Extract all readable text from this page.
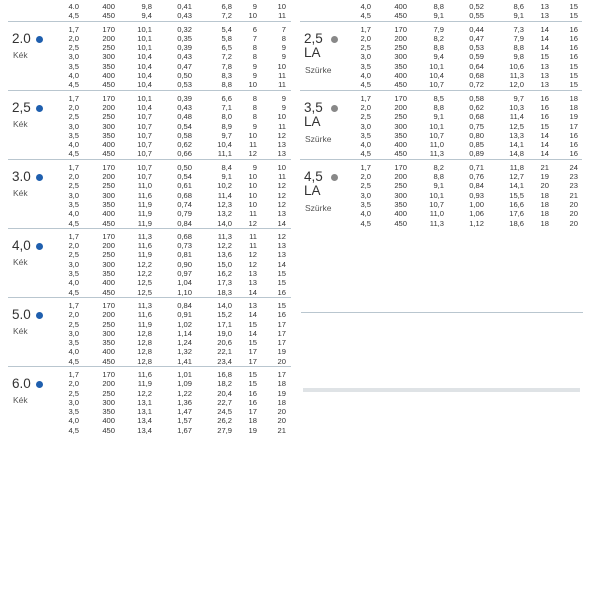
4.0	400	9,8	0,41	6,8	9	10
4,5	450	9,4	0,43	7,2	10	11
2.0
Kék
1,7	170	10,1	0,32	5,4	6	7
2,0	200	10,1	0,35	5,8	7	8
2,5	250	10,1	0,39	6,5	8	9
3,0	300	10,4	0,43	7,2	8	9
3,5	350	10,4	0,47	7,8	9	10
4,0	400	10,4	0,50	8,3	9	11
4,5	450	10,4	0,53	8,8	10	11
2,5
Kék
1,7	170	10,1	0,39	6,6	8	9
2,0	200	10,4	0,43	7,1	8	9
2,5	250	10,7	0,48	8,0	8	10
3,0	300	10,7	0,54	8,9	9	11
3,5	350	10,7	0,58	9,7	10	12
4,0	400	10,7	0,62	10,4	11	13
4,5	450	10,7	0,66	11,1	12	13
3.0
Kék
1,7	170	10,7	0,50	8,4	9	10
2,0	200	10,7	0,54	9,1	10	11
2,5	250	11,0	0,61	10,2	10	12
3,0	300	11,6	0,68	11,4	10	12
3,5	350	11,9	0,74	12,3	10	12
4,0	400	11,9	0,79	13,2	11	13
4,5	450	11,9	0,84	14,0	12	14
4,0
Kék
1,7	170	11,3	0,68	11,3	11	12
2,0	200	11,6	0,73	12,2	11	13
2,5	250	11,9	0,81	13,6	12	13
3,0	300	12,2	0,90	15,0	12	14
3,5	350	12,2	0,97	16,2	13	15
4,0	400	12,5	1,04	17,3	13	15
4,5	450	12,5	1,10	18,3	14	16
5.0
Kék
1,7	170	11,3	0,84	14,0	13	15
2,0	200	11,6	0,91	15,2	14	16
2,5	250	11,9	1,02	17,1	15	17
3,0	300	12,8	1,14	19,0	14	17
3,5	350	12,8	1,24	20,6	15	17
4,0	400	12,8	1,32	22,1	17	19
4,5	450	12,8	1,41	23,4	17	20
6.0
Kék
1,7	170	11,6	1,01	16,8	15	17
2,0	200	11,9	1,09	18,2	15	18
2,5	250	12,2	1,22	20,4	16	19
3,0	300	13,1	1,36	22,7	16	18
3,5	350	13,1	1,47	24,5	17	20
4,0	400	13,4	1,57	26,2	18	20
4,5	450	13,4	1,67	27,9	19	21
4,0	400	8,8	0,52	8,6	13	15
4,5	450	9,1	0,55	9,1	13	15
2,5
LA
Szürke
1,7	170	7,9	0,44	7,3	14	16
2,0	200	8,2	0,47	7,9	14	16
2,5	250	8,8	0,53	8,8	14	16
3,0	300	9,4	0,59	9,8	15	16
3,5	350	10,1	0,64	10,6	13	15
4,0	400	10,4	0,68	11,3	13	15
4,5	450	10,7	0,72	12,0	13	15
3,5
LA
Szürke
1,7	170	8,5	0,58	9,7	16	18
2,0	200	8,8	0,62	10,3	16	18
2,5	250	9,1	0,68	11,4	16	19
3,0	300	10,1	0,75	12,5	15	17
3,5	350	10,7	0,80	13,3	14	16
4,0	400	11,0	0,85	14,1	14	16
4,5	450	11,3	0,89	14,8	14	16
4,5
LA
Szürke
1,7	170	8,2	0,71	11,8	21	24
2,0	200	8,8	0,76	12,7	19	23
2,5	250	9,1	0,84	14,1	20	23
3,0	300	10,1	0,93	15,5	18	21
3,5	350	10,7	1,00	16,6	18	20
4,0	400	11,0	1,06	17,6	18	20
4,5	450	11,3	1,12	18,6	18	20
